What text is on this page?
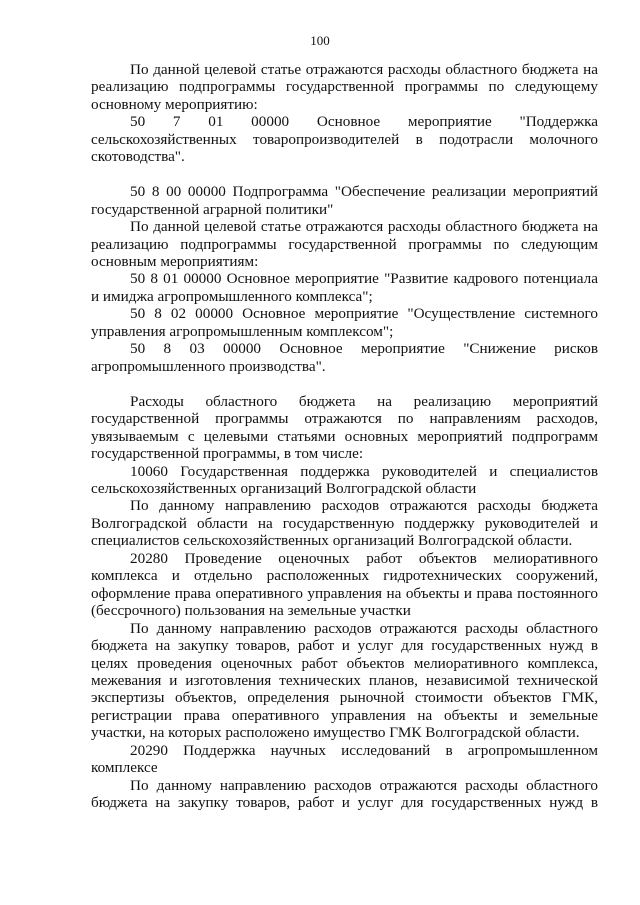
100

По данной целевой статье отражаются расходы областного бюджета на реализацию подпрограммы государственной программы по следующему основному мероприятию:

50 7 01 00000 Основное мероприятие "Поддержка сельскохозяйственных товаропроизводителей в подотрасли молочного скотоводства".

50 8 00 00000 Подпрограмма "Обеспечение реализации мероприятий государственной аграрной политики"

По данной целевой статье отражаются расходы областного бюджета на реализацию подпрограммы государственной программы по следующим основным мероприятиям:

50 8 01 00000 Основное мероприятие "Развитие кадрового потенциала и имиджа агропромышленного комплекса";

50 8 02 00000 Основное мероприятие "Осуществление системного управления агропромышленным комплексом";

50 8 03 00000 Основное мероприятие "Снижение рисков агропромышленного производства".

Расходы областного бюджета на реализацию мероприятий государственной программы отражаются по направлениям расходов, увязываемым с целевыми статьями основных мероприятий подпрограмм государственной программы, в том числе:

10060 Государственная поддержка руководителей и специалистов сельскохозяйственных организаций Волгоградской области

По данному направлению расходов отражаются расходы бюджета Волгоградской области на государственную поддержку руководителей и специалистов сельскохозяйственных организаций Волгоградской области.

20280 Проведение оценочных работ объектов мелиоративного комплекса и отдельно расположенных гидротехнических сооружений, оформление права оперативного управления на объекты и права постоянного (бессрочного) пользования на земельные участки

По данному направлению расходов отражаются расходы областного бюджета на закупку товаров, работ и услуг для государственных нужд в целях проведения оценочных работ объектов мелиоративного комплекса, межевания и изготовления технических планов, независимой технической экспертизы объектов, определения рыночной стоимости объектов ГМК, регистрации права оперативного управления на объекты и земельные участки, на которых расположено имущество ГМК Волгоградской области.

20290 Поддержка научных исследований в агропромышленном комплексе

По данному направлению расходов отражаются расходы областного бюджета на закупку товаров, работ и услуг для государственных нужд в
